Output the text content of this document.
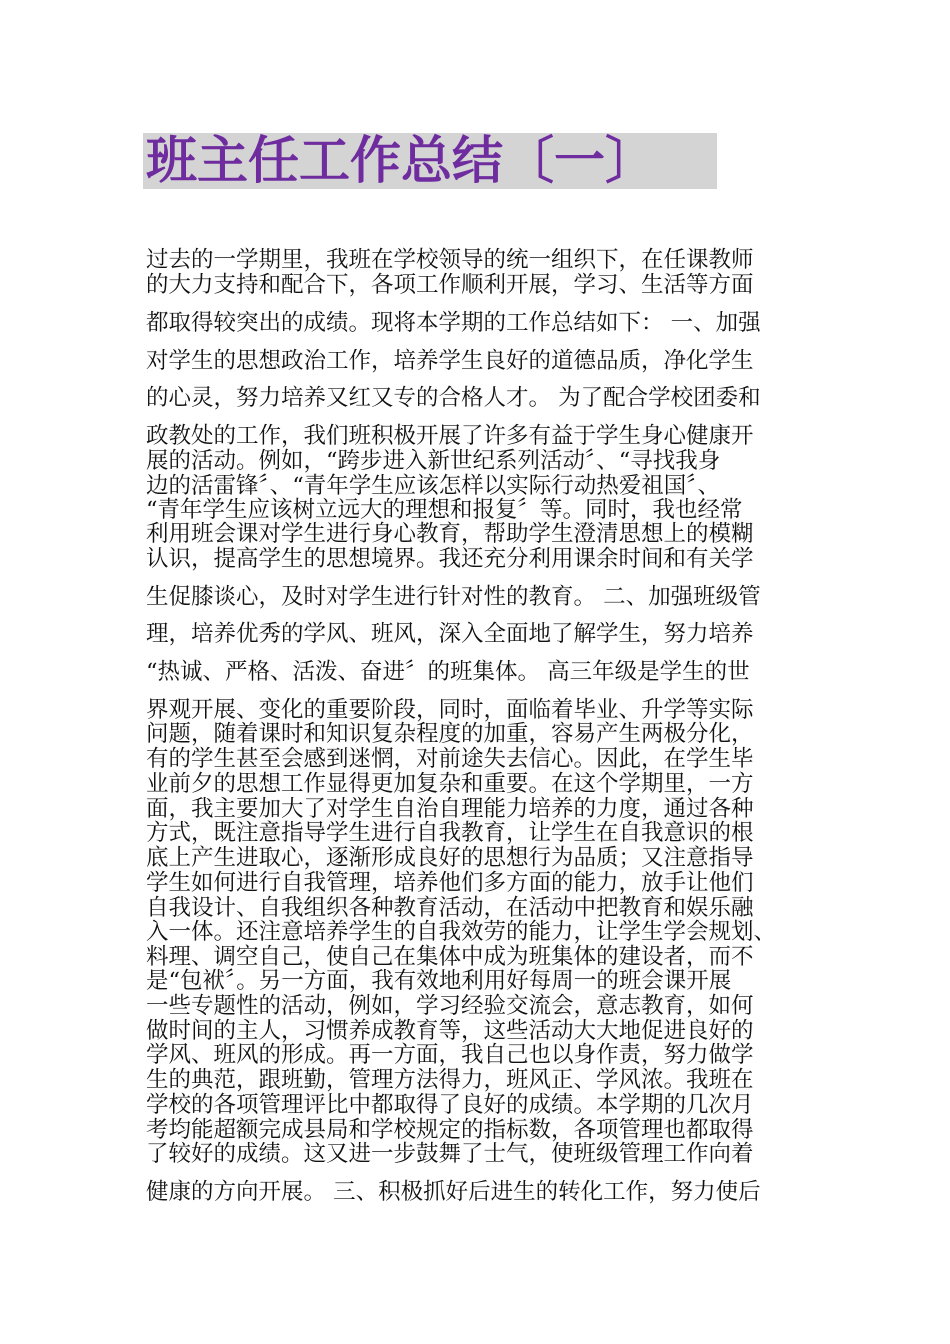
班主任工作总结〔一〕
过去的一学期里，我班在学校领导的统一组织下，在任课教师
的大力支持和配合下，各项工作顺利开展，学习、生活等方面
都取得较突出的成绩。现将本学期的工作总结如下： 一、加强
对学生的思想政治工作，培养学生良好的道德品质，净化学生
的心灵，努力培养又红又专的合格人才。 为了配合学校团委和
政教处的工作，我们班积极开展了许多有益于学生身心健康开
展的活动。例如，“跨步进入新世纪系列活动〞、“寻找我身
边的活雷锋〞、“青年学生应该怎样以实际行动热爱祖国〞、
“青年学生应该树立远大的理想和报复〞等。同时，我也经常
利用班会课对学生进行身心教育，帮助学生澄清思想上的模糊
认识，提高学生的思想境界。我还充分利用课余时间和有关学
生促膝谈心，及时对学生进行针对性的教育。 二、加强班级管
理，培养优秀的学风、班风，深入全面地了解学生，努力培养
“热诚、严格、活泼、奋进〞的班集体。 高三年级是学生的世
界观开展、变化的重要阶段，同时，面临着毕业、升学等实际
问题，随着课时和知识复杂程度的加重，容易产生两极分化，
有的学生甚至会感到迷惘，对前途失去信心。因此，在学生毕
业前夕的思想工作显得更加复杂和重要。在这个学期里，一方
面，我主要加大了对学生自治自理能力培养的力度，通过各种
方式，既注意指导学生进行自我教育，让学生在自我意识的根
底上产生进取心，逐渐形成良好的思想行为品质；又注意指导
学生如何进行自我管理，培养他们多方面的能力，放手让他们
自我设计、自我组织各种教育活动，在活动中把教育和娱乐融
入一体。还注意培养学生的自我效劳的能力，让学生学会规划、
料理、调空自己，使自己在集体中成为班集体的建设者，而不
是“包袱〞。另一方面，我有效地利用好每周一的班会课开展
一些专题性的活动，例如，学习经验交流会，意志教育，如何
做时间的主人，习惯养成教育等，这些活动大大地促进良好的
学风、班风的形成。再一方面，我自己也以身作责，努力做学
生的典范，跟班勤，管理方法得力，班风正、学风浓。我班在
学校的各项管理评比中都取得了良好的成绩。本学期的几次月
考均能超额完成县局和学校规定的指标数，各项管理也都取得
了较好的成绩。这又进一步鼓舞了士气，使班级管理工作向着
健康的方向开展。 三、积极抓好后进生的转化工作，努力使后
